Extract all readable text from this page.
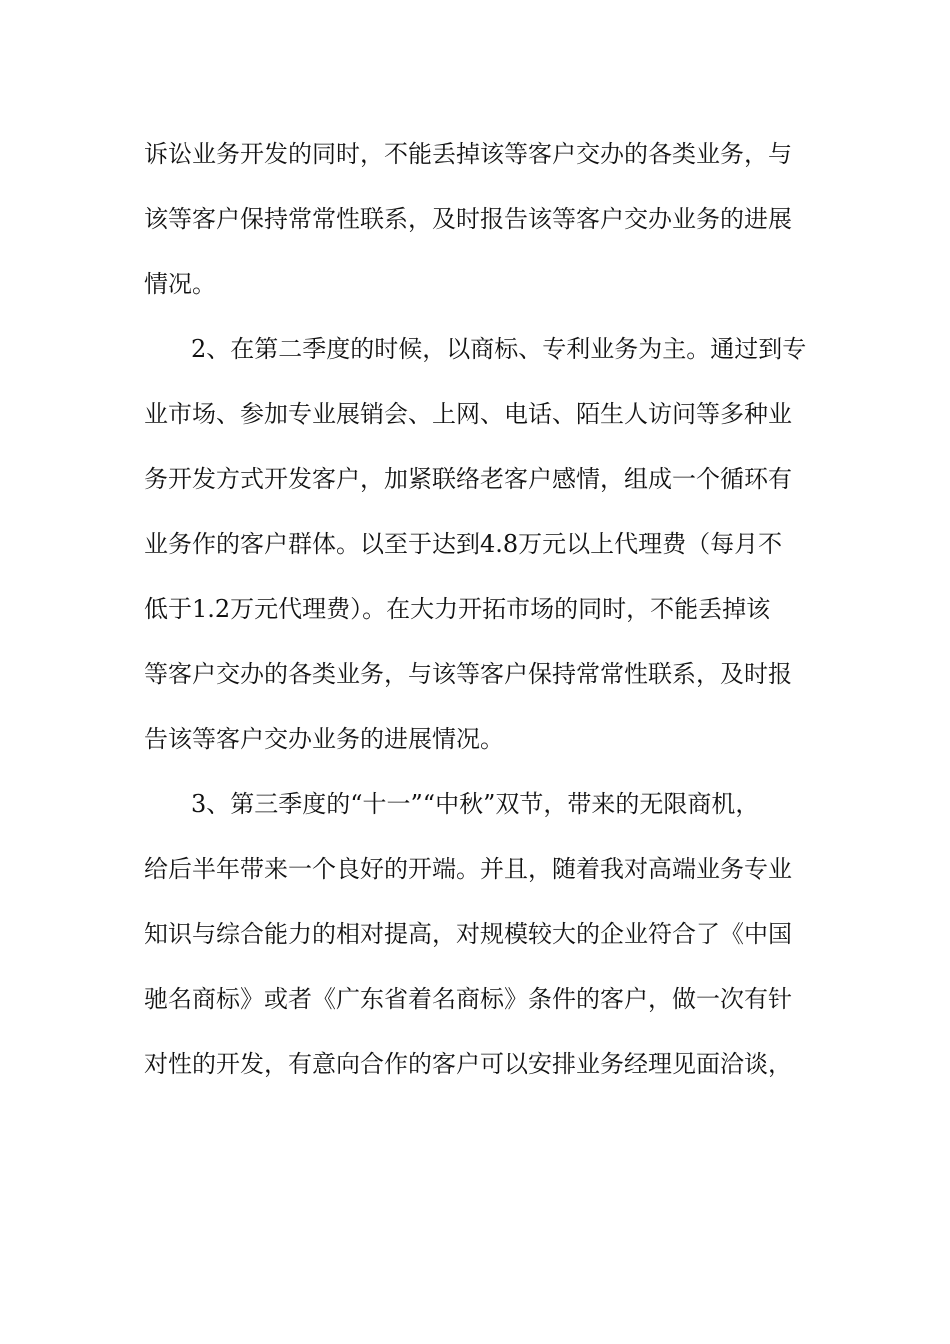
诉讼业务开发的同时，不能丢掉该等客户交办的各类业务，与
该等客户保持常常性联系，及时报告该等客户交办业务的进展
情况。
2、在第二季度的时候，以商标、专利业务为主。通过到专
业市场、参加专业展销会、上网、电话、陌生人访问等多种业
务开发方式开发客户，加紧联络老客户感情，组成一个循环有
业务作的客户群体。以至于达到4.8万元以上代理费（每月不
低于1.2万元代理费）。在大力开拓市场的同时，不能丢掉该
等客户交办的各类业务，与该等客户保持常常性联系，及时报
告该等客户交办业务的进展情况。
3、第三季度的“十一”“中秋”双节，带来的无限商机，
给后半年带来一个良好的开端。并且，随着我对高端业务专业
知识与综合能力的相对提高，对规模较大的企业符合了《中国
驰名商标》或者《广东省着名商标》条件的客户，做一次有针
对性的开发，有意向合作的客户可以安排业务经理见面洽谈，
